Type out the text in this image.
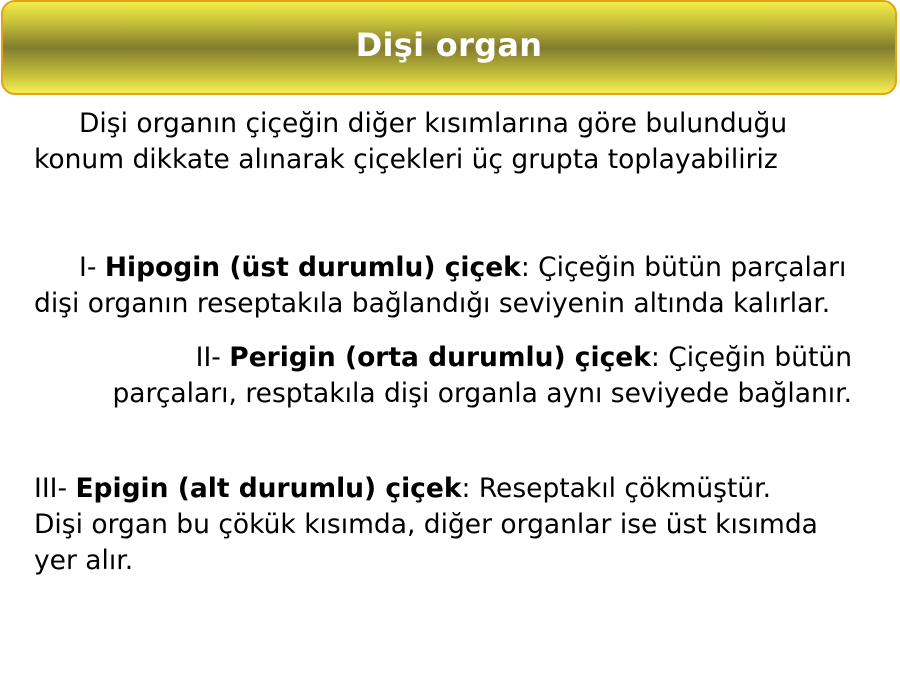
Dişi organ

Dişi organın çiçeğin diğer kısımlarına göre bulunduğu konum dikkate alınarak çiçekleri üç grupta toplayabiliriz

I- Hipogin (üst durumlu) çiçek: Çiçeğin bütün parçaları dişi organın reseptakıla bağlandığı seviyenin altında kalırlar.

II- Perigin (orta durumlu) çiçek: Çiçeğin bütün parçaları, resptakıla dişi organla aynı seviyede bağlanır.

III- Epigin (alt durumlu) çiçek: Reseptakıl çökmüştür. Dişi organ bu çökük kısımda, diğer organlar ise üst kısımda yer alır.
